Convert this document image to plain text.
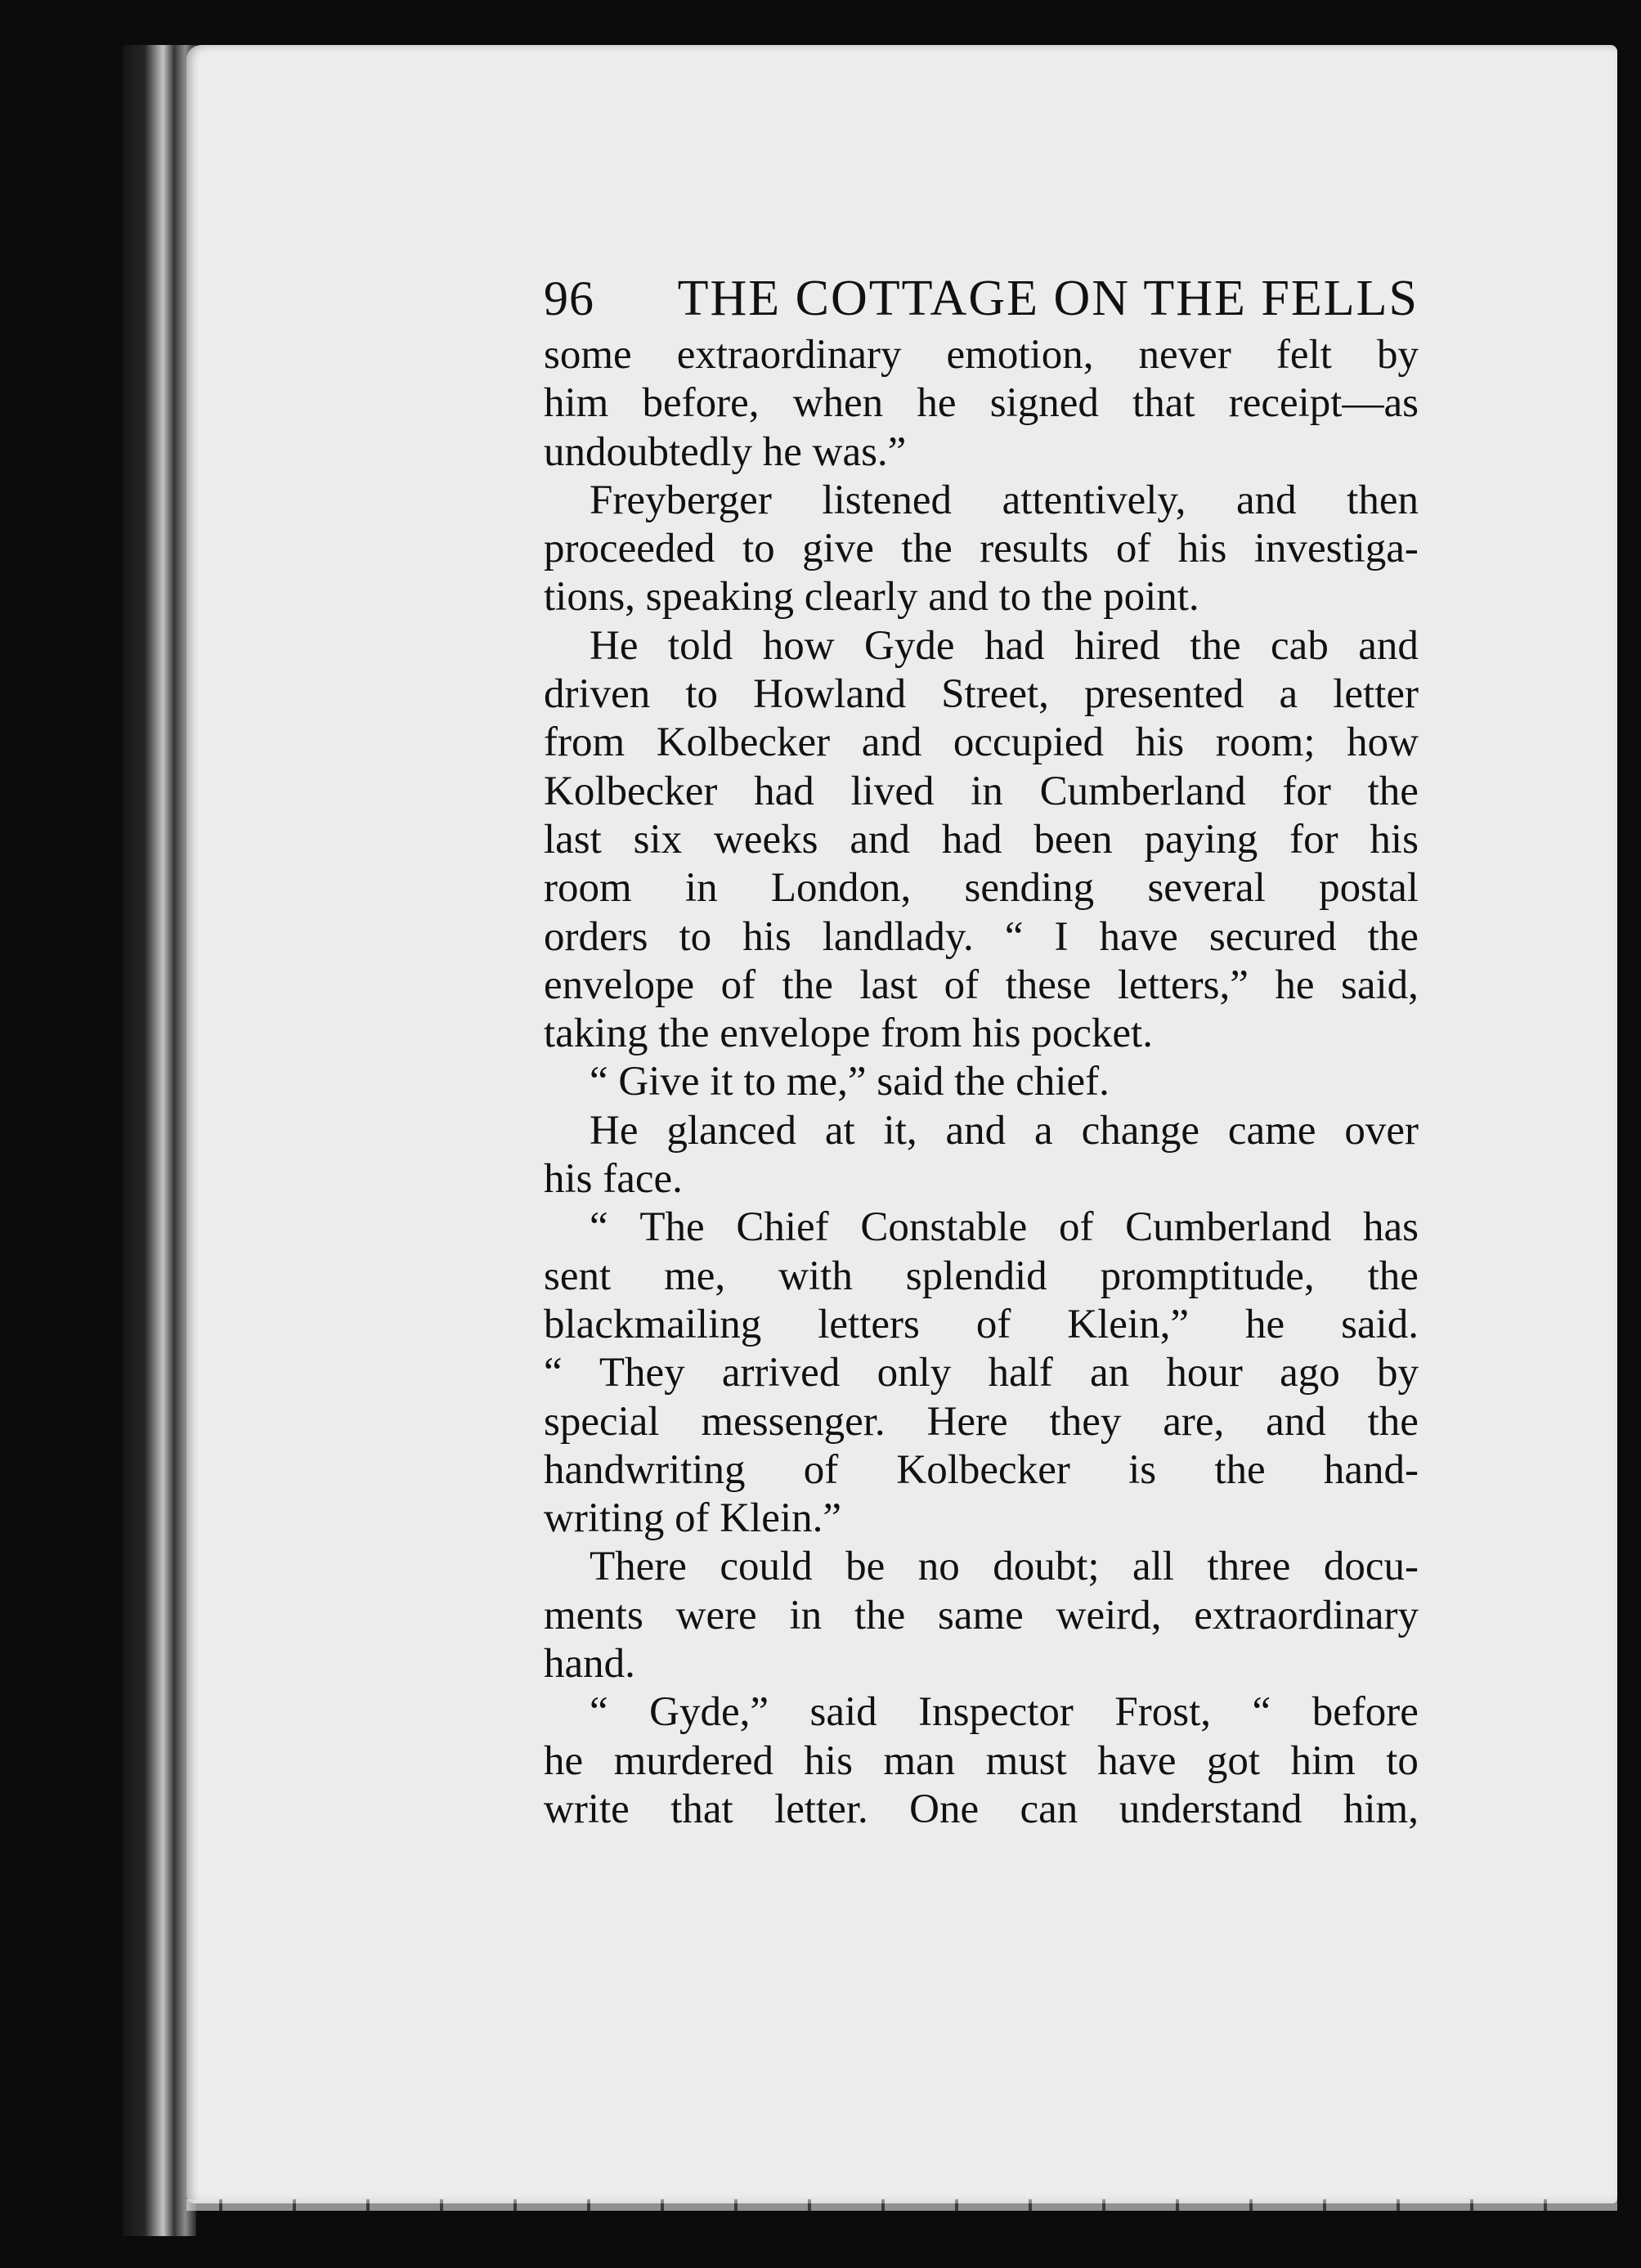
96 THE COTTAGE ON THE FELLS
some extraordinary emotion, never felt by
him before, when he signed that receipt—as
undoubtedly he was.”
Freyberger listened attentively, and then
proceeded to give the results of his investiga-
tions, speaking clearly and to the point.
He told how Gyde had hired the cab and
driven to Howland Street, presented a letter
from Kolbecker and occupied his room; how
Kolbecker had lived in Cumberland for the
last six weeks and had been paying for his
room in London, sending several postal
orders to his landlady. “ I have secured the
envelope of the last of these letters,” he said,
taking the envelope from his pocket.
“ Give it to me,” said the chief.
He glanced at it, and a change came over
his face.
“ The Chief Constable of Cumberland has
sent me, with splendid promptitude, the
blackmailing letters of Klein,” he said.
“ They arrived only half an hour ago by
special messenger. Here they are, and the
handwriting of Kolbecker is the hand-
writing of Klein.”
There could be no doubt; all three docu-
ments were in the same weird, extraordinary
hand.
“ Gyde,” said Inspector Frost, “ before
he murdered his man must have got him to
write that letter. One can understand him,
